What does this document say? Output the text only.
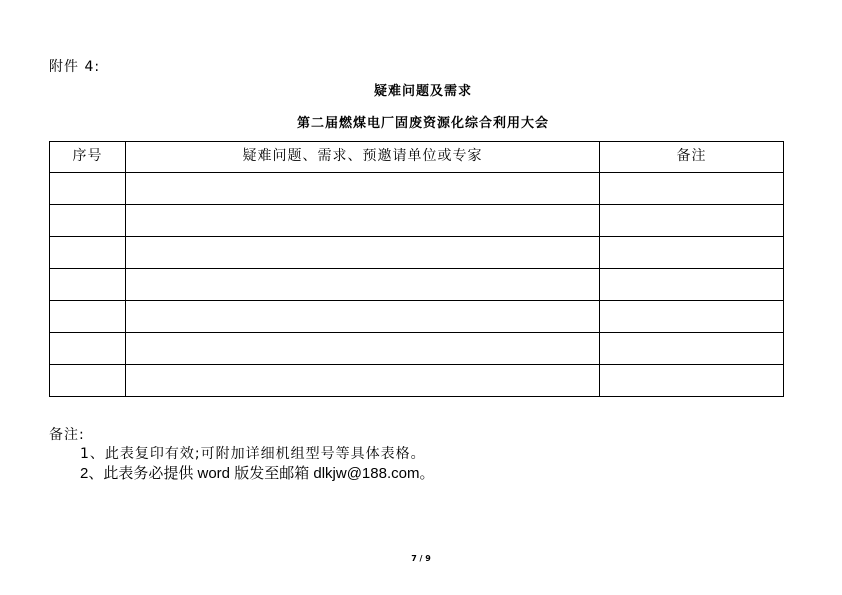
附件 4:
疑难问题及需求
第二届燃煤电厂固废资源化综合利用大会
序号	疑难问题、需求、预邀请单位或专家	备注

备注:
1、此表复印有效;可附加详细机组型号等具体表格。
2、此表务必提供 word 版发至邮箱 dlkjw@188.com。
7 / 9
